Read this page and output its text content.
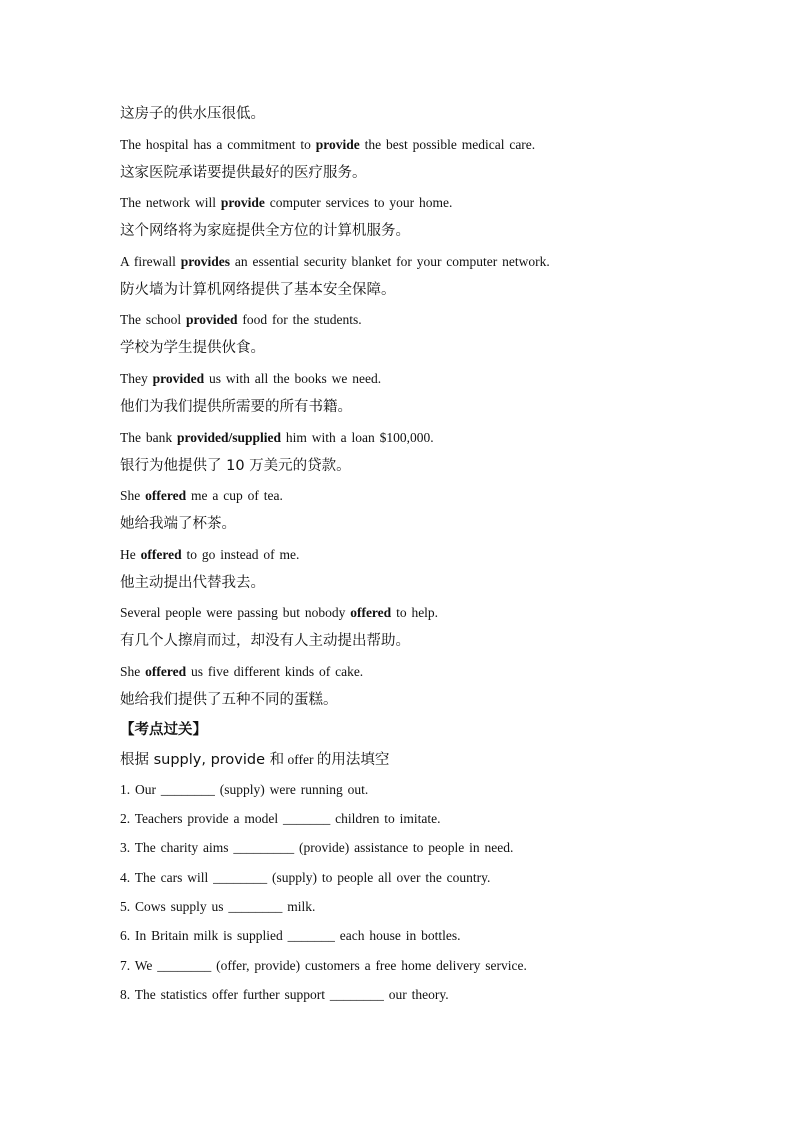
这房子的供水压很低。
The hospital has a commitment to provide the best possible medical care.
这家医院承诺要提供最好的医疗服务。
The network will provide computer services to your home.
这个网络将为家庭提供全方位的计算机服务。
A firewall provides an essential security blanket for your computer network.
防火墙为计算机网络提供了基本安全保障。
The school provided food for the students.
学校为学生提供伙食。
They provided us with all the books we need.
他们为我们提供所需要的所有书籍。
The bank provided/supplied him with a loan $100,000.
银行为他提供了 10 万美元的贷款。
She offered me a cup of tea.
她给我端了杯茶。
He offered to go instead of me.
他主动提出代替我去。
Several people were passing but nobody offered to help.
有几个人擦肩而过，却没有人主动提出帮助。
She offered us five different kinds of cake.
她给我们提供了五种不同的蛋糕。
【考点过关】
根据 supply, provide 和 offer 的用法填空
1. Our ________ (supply) were running out.
2. Teachers provide a model _______ children to imitate.
3. The charity aims _________ (provide) assistance to people in need.
4. The cars will ________ (supply) to people all over the country.
5. Cows supply us ________ milk.
6. In Britain milk is supplied _______ each house in bottles.
7. We ________ (offer, provide) customers a free home delivery service.
8. The statistics offer further support ________ our theory.
